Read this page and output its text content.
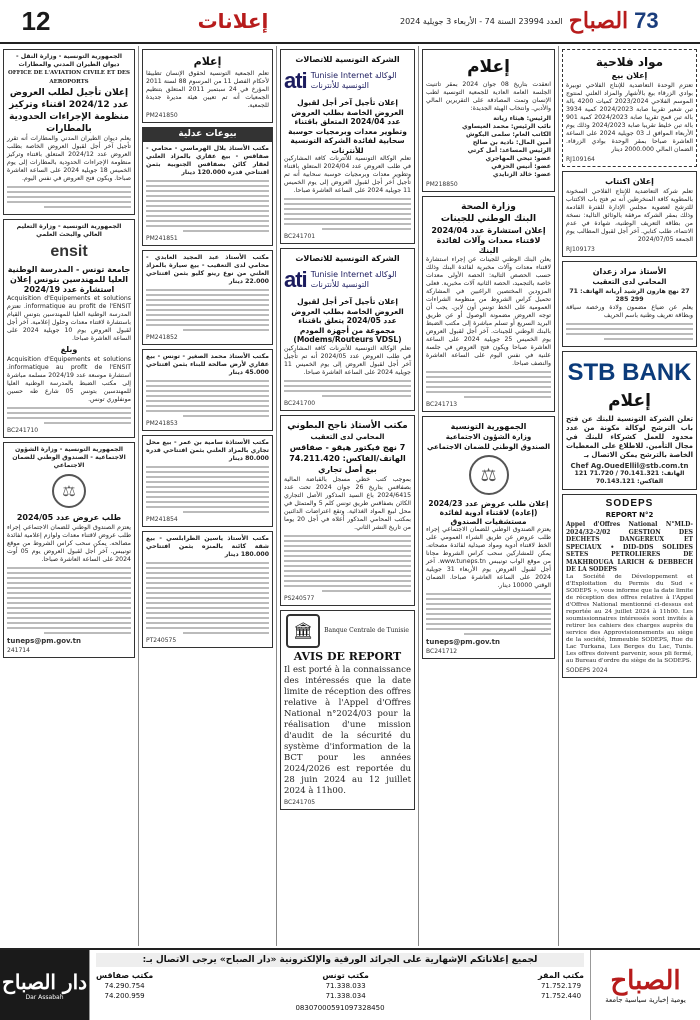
12	إعلانات	73
الصباح
العدد 23994 السنة 74 - الأربعاء 3 جويلية 2024
مواد فلاحية
إعلان بيع
تعتزم الوحدة التعاضدية للإنتاج الفلاحي توبيرة بوادي الزرقاء بيع بالأشهار والمزاد العلني لمنتوج الموسم الفلاحي 2023/2024 كميات 4200 بالة تبن شعير تقريبا صابة 2024/2023 كمية 3934 بالة تبن قمح تقريبا صابة 2024/2023 كمية 901 بالة تبن خليط تقريبا صابة 2024/2023 وذلك يوم الأربعاء الموافق لـ 03 جويلية 2024 على الساعة العاشرة صباحا بمقر الوحدة بوادي الزرقاء. الضمان المالي 2000.000 دينار
RJ109164
إعلان اكتتاب
تعلم شركة التعاضدية للإنتاج الفلاحي السخونة بالمطوية كافة المنخرطين أنه تم فتح باب الاكتتاب للترشح لعضوية مجلس الإدارة للفترة القادمة وذلك بمقر الشركة مرفقة بالوثائق التالية: نسخة من بطاقة التعريف الوطنية، شهادة في عدم الانتماء، طلب كتابي. آخر أجل لقبول المطالب يوم الجمعة 2024/07/05
RJ109173
الأستاذ مراد زعدان
المحامي لدى التعقيب
27 نهج هارون الرشيد أريانة الهاتف: 71 299 285
يعلم عن ضياع مضمون ولادة ورخصة سياقة وبطاقة تعريف وطنية باسم الحريف
STB BANK
إعلام
تعلن الشركة التونسية للبنك عن فتح باب الترشح لوكالة مكونة من عدد محدود للعمل كشركاء للبنك في مجال التأمين. للاطلاع على المعطيات الخاصة بالترشح يمكن الاتصال بـ
Chef Ag.OuedEllil@stb.com.tn
الهاتف: 70.141.321 / 71.720 121
الفاكس: 70.143.121
SODEPS
REPORT N°2
Appel d'Offres National N°MLD-2024/32-2/02 GESTION DES DECHETS DANGEREUX ET SPECIAUX • DID-DDS SOLIDES SETES PETROLIERES DE MAKHROUGA LARICH & DEBBECH DE LA SODEPS
La Société de Développement et d'Exploitation du Permis du Sud « SODEPS », vous informe que la date limite de réception des offres relative à l'Appel d'Offres National mentionné ci-dessus est reportée au 24 juillet 2024 à 11h00. Les soumissionnaires intéressés sont invités à retirer les cahiers des charges auprès du service des Approvisionnements au siège de la société, Immeuble SODEPS, Rue du Lac Turkana, Les Berges du Lac, Tunis. Les offres doivent parvenir, sous pli fermé, au Bureau d'ordre du siège de la SODEPS.
SODEPS 2024
إعلام
انعقدت بتاريخ 08 جوان 2024 بمقر تاتنيت الجلسة العامة العادية للجمعية التونسية لطب الإنسان وتمت المصادقة على التقريرين المالي والأدبي. وانتخاب الهيئة الجديدة:
الرئيس: هيثاء زياتة
نائب الرئيس: محمد العيساوي
الكاتب العام: سلمى البكوش
أمين المال: نادية بن صالح
الرئيس المساعد: أمل كرتي
عضو: تيحي المهاجري
عضو: أنيس الحزقي
عضو: خالد الزنايدي
PM218850
وزارة الصحة
البنك الوطني للجينات
إعلان استشارة عدد 2024/04 لاقتناء معدات وآلات لفائدة البنك
يعلن البنك الوطني للجينات عن إجراء استشارة لاقتناء معدات وآلات مخبرية لفائدة البنك وذلك حسب الحصص التالية: الحصة الأولى معدات خاصة بالتجميد، الحصة الثانية آلات مخبرية. فعلى المزودين المختصين الراغبين في المشاركة تحميل كراس الشروط من منظومة الشراءات العمومية على الخط تونس أون لاين. يجب أن توجه العروض مضمونة الوصول أو عن طريق البريد السريع أو تسلم مباشرة إلى مكتب الضبط بالبنك الوطني للجينات. آخر أجل لقبول العروض يوم الخميس 25 جويلية 2024 على الساعة العاشرة صباحا ويكون فتح العروض في جلسة علنية في نفس اليوم على الساعة العاشرة والنصف صباحا.
BC241713
الجمهورية التونسية
وزارة الشؤون الاجتماعية
الصندوق الوطني للضمان الاجتماعي
⚖
إعلان طلب عروض عدد 2024/23 (إعادة) لاقتناء أدوية لفائدة مستشفيات الصندوق
يعتزم الصندوق الوطني للضمان الاجتماعي إجراء طلب عروض عن طريق الشراء العمومي على الخط لاقتناء أدوية ومواد صيدلية لفائدة مصحاته. يمكن للمشاركين سحب كراس الشروط مجانا من موقع الواب تونيبس www.tuneps.tn. آخر أجل لقبول العروض يوم الأربعاء 31 جويلية 2024 على الساعة العاشرة صباحا. الضمان الوقتي 10000 دينار.
tuneps@pm.gov.tn
BC241712
الشركة التونسية للاتصالات
ati Tunisie Internet الوكالة التونسية للأنترنات
إعلان تأجيل آخر أجل لقبول العروض الخاصة بطلب العروض عدد 2024/04 المتعلق باقتناء وتطوير معدات وبرمجيات حوسبة سحابية لفائدة الشركة التونسية للأنترنات
تعلم الوكالة التونسية للأنترنات كافة المشاركين في طلب العروض عدد 2024/04 المتعلق باقتناء وتطوير معدات وبرمجيات حوسبة سحابية أنه تم تأجيل آخر أجل لقبول العروض إلى يوم الخميس 11 جويلية 2024 على الساعة العاشرة صباحا.
BC241701
الشركة التونسية للاتصالات
ati Tunisie Internet الوكالة التونسية للأنترنات
إعلان تأجيل آخر أجل لقبول العروض الخاصة بطلب العروض عدد 2024/05 يتعلق باقتناء مجموعة من أجهزة المودم (Modems/Routeurs VDSL)
تعلم الوكالة التونسية للأنترنات كافة المشاركين في طلب العروض عدد 2024/05 أنه تم تأجيل آخر أجل لقبول العروض إلى يوم الخميس 11 جويلية 2024 على الساعة العاشرة صباحا.
BC241700
مكتب الأستاذ ناجح البطوني
المحامي لدى التعقيب
7 نهج فيكتور هيقو - صفاقس
الهاتف/الفاكس: 74.211.420
بيع أصل تجاري
بموجب كتب خطي مسجل بالقباضة المالية بصفاقس بتاريخ 26 جوان 2024 تحت عدد 2024/6415 باع السيد المذكور الأصل التجاري الكائن بصفاقس طريق تونس كلم 5 والمتمثل في محل لبيع المواد الغذائية. وتقع اعتراضات الدائنين بمكتب المحامي المذكور أعلاه في أجل 20 يوما من تاريخ النشر الثاني.
PS240577
🏛	Banque Centrale de Tunisie
AVIS DE REPORT
Il est porté à la connaissance des intéressés que la date limite de réception des offres relative à l'Appel d'Offres National n°2024/03 pour la réalisation d'une mission d'audit de la sécurité du système d'information de la BCT pour les années 2024/2026 est reportée du 28 juin 2024 au 12 juillet 2024 à 11h00.
BC241705
إعلام
تعلم الجمعية التونسية لحقوق الإنسان تطبيقا لأحكام الفصل 11 من المرسوم 88 لسنة 2011 المؤرخ في 24 سبتمبر 2011 المتعلق بتنظيم الجمعيات أنه تم تعيين هيئة مديرة جديدة للجمعية.
PM241850
بيوعات عدلية
مكتب الأستاذ بلال الهرماسي - محامي - صفاقس - بيع عقاري بالمزاد العلني لعقار كائن بصفاقس الجنوبية بثمن افتتاحي قدره 120.000 دينار
PM241851
مكتب الأستاذ عبد المجيد العابدي - محامي لدى التعقيب - بيع سيارة بالمزاد العلني من نوع رينو كليو بثمن افتتاحي 22.000 دينار
PM241852
مكتب الأستاذ محمد الصغير - تونس - بيع عقاري لأرض صالحة للبناء بثمن افتتاحي 45.000 دينار
PM241853
مكتب الأستاذة سامية بن عمر - بيع محل تجاري بالمزاد العلني بثمن افتتاحي قدره 80.000 دينار
PM241854
مكتب الأستاذ ياسين الطرابلسي - بيع شقة كائنة بالمنزه بثمن افتتاحي 180.000 دينار
PT240575
الجمهورية التونسية - وزارة النقل - ديوان الطيران المدني والمطارات
OFFICE DE L'AVIATION CIVILE ET DES AEROPORTS
إعلان تأجيل لطلب العروض عدد 2024/12 اقتناء وتركيز منظومة الإجراءات الحدودية بالمطارات
يعلم ديوان الطيران المدني والمطارات أنه تقرر تأجيل آخر أجل لقبول العروض الخاصة بطلب العروض عدد 2024/12 المتعلق باقتناء وتركيز منظومة الإجراءات الحدودية بالمطارات إلى يوم الخميس 18 جويلية 2024 على الساعة العاشرة صباحا. ويكون فتح العروض في نفس اليوم.
الجمهورية التونسية - وزارة التعليم العالي والبحث العلمي
ensit
جامعة تونس - المدرسة الوطنية العليا للمهندسين بتونس إعلان استشارة عدد 2024/19
Acquisition d'Equipements et solutions informatique au profit de l'ENSIT. تعتزم المدرسة الوطنية العليا للمهندسين بتونس القيام باستشارة لاقتناء معدات وحلول إعلامية. آخر أجل لقبول العروض يوم 10 جويلية 2024 على الساعة العاشرة صباحا.
وبلغ
Acquisition d'Equipements et solutions informatique au profit de l'ENSIT. استشارة موسعة عدد 2024/19 مسلمة مباشرة إلى مكتب الضبط بالمدرسة الوطنية العليا للمهندسين بتونس 05 شارع طه حسين مونفلوري تونس.
BC241710
الجمهورية التونسية - وزارة الشؤون الاجتماعية - الصندوق الوطني للضمان الاجتماعي
⚖
طلب عروض عدد 2024/05
يعتزم الصندوق الوطني للضمان الاجتماعي إجراء طلب عروض لاقتناء معدات ولوازم إعلامية لفائدة مصالحه. يمكن سحب كراس الشروط من موقع تونيبس. آخر أجل لقبول العروض يوم 05 أوت 2024 على الساعة العاشرة صباحا.
tuneps@pm.gov.tn
241714
الصباح
يومية إخبارية سياسية جامعة
لجميع إعلاناتكم الإشهارية على الجرائد الورقية والإلكترونية «دار الصباح» يرجى الاتصال بـ:
مكتب المقر
71.752.179
71.752.440
مكتب تونس
71.338.033
71.338.034
مكتب صفاقس
74.290.754
74.200.959
08307000591097328450
دار الصباح
Dar Assabah
